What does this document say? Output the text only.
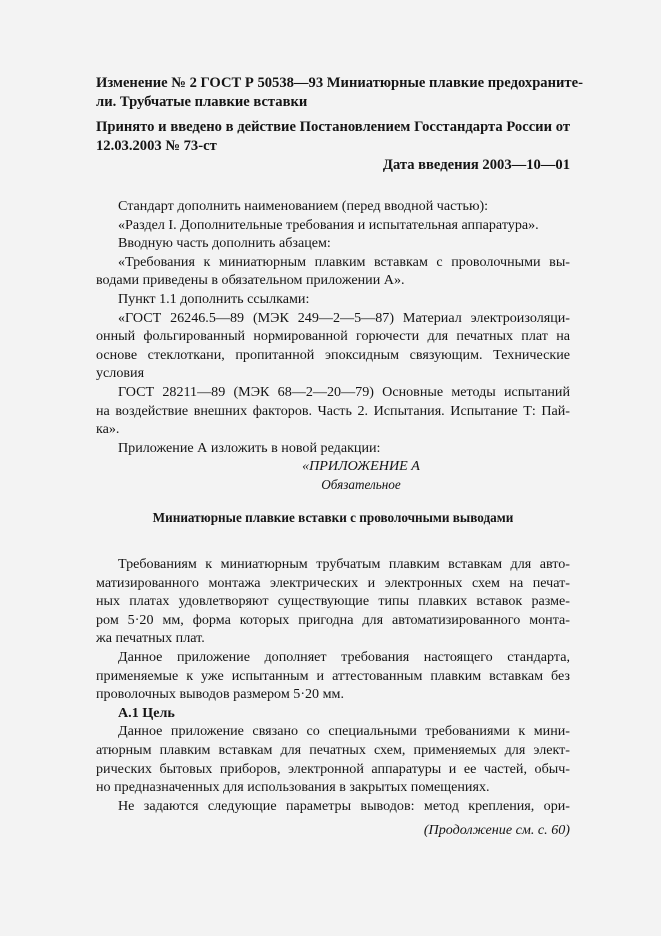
Изменение № 2 ГОСТ Р 50538—93 Миниатюрные плавкие предохраните-
ли. Трубчатые плавкие вставки
Принято и введено в действие Постановлением Госстандарта России от
12.03.2003 № 73-ст
Дата введения 2003—10—01
Стандарт дополнить наименованием (перед вводной частью):
«Раздел I. Дополнительные требования и испытательная аппаратура».
Вводную часть дополнить абзацем:
«Требования к миниатюрным плавким вставкам с проволочными вы-
водами приведены в обязательном приложении А».
Пункт 1.1 дополнить ссылками:
«ГОСТ 26246.5—89 (МЭК 249—2—5—87) Материал электроизоляци-
онный фольгированный нормированной горючести для печатных плат на
основе стеклоткани, пропитанной эпоксидным связующим. Технические
условия
ГОСТ 28211—89 (МЭК 68—2—20—79) Основные методы испытаний
на воздействие внешних факторов. Часть 2. Испытания. Испытание Т: Пай-
ка».
Приложение А изложить в новой редакции:
«ПРИЛОЖЕНИЕ А
Обязательное
Миниатюрные плавкие вставки с проволочными выводами
Требованиям к миниатюрным трубчатым плавким вставкам для авто-
матизированного монтажа электрических и электронных схем на печат-
ных платах удовлетворяют существующие типы плавких вставок разме-
ром 5·20 мм, форма которых пригодна для автоматизированного монта-
жа печатных плат.
Данное приложение дополняет требования настоящего стандарта,
применяемые к уже испытанным и аттестованным плавким вставкам без
проволочных выводов размером 5·20 мм.
А.1 Цель
Данное приложение связано со специальными требованиями к мини-
атюрным плавким вставкам для печатных схем, применяемых для элект-
рических бытовых приборов, электронной аппаратуры и ее частей, обыч-
но предназначенных для использования в закрытых помещениях.
Не задаются следующие параметры выводов: метод крепления, ори-
(Продолжение см. с. 60)
